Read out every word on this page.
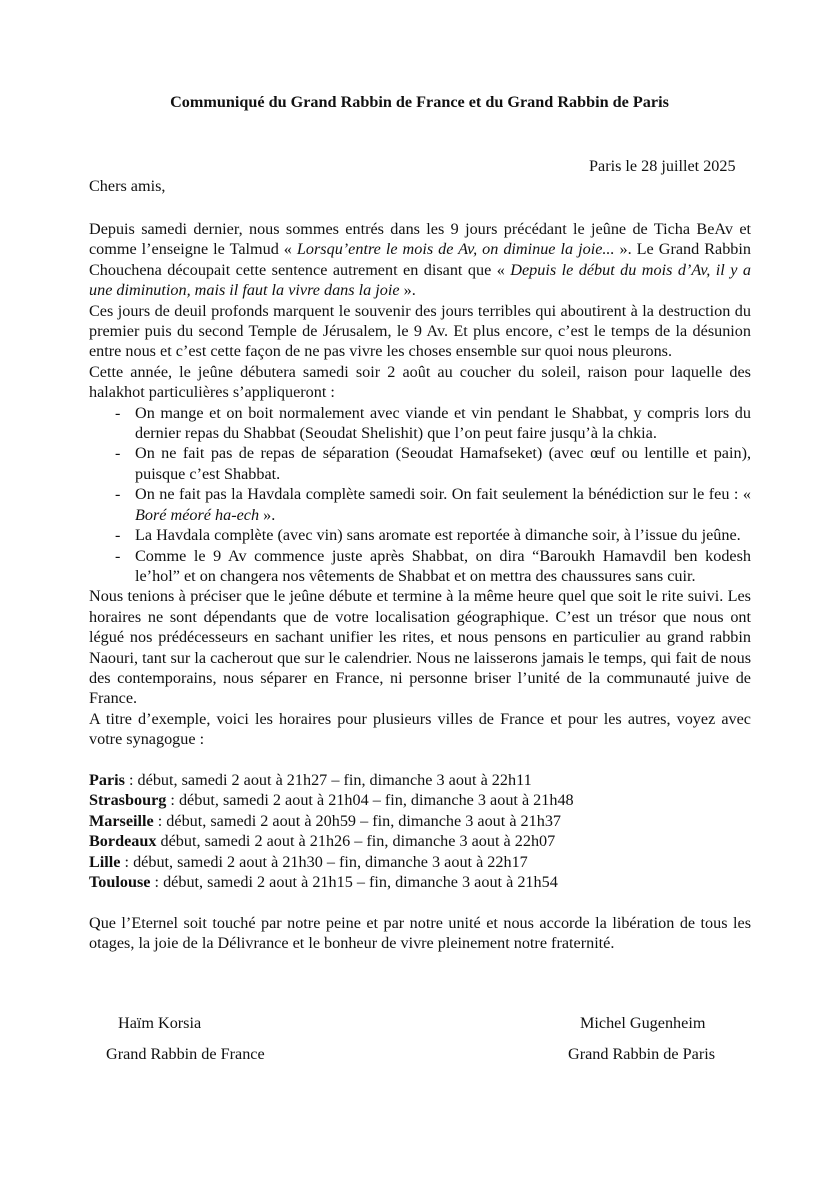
Communiqué du Grand Rabbin de France et du Grand Rabbin de Paris
Paris le 28 juillet 2025
Chers amis,

Depuis samedi dernier, nous sommes entrés dans les 9 jours précédant le jeûne de Ticha BeAv et comme l’enseigne le Talmud « Lorsqu’entre le mois de Av, on diminue la joie... ». Le Grand Rabbin Chouchena découpait cette sentence autrement en disant que « Depuis le début du mois d’Av, il y a une diminution, mais il faut la vivre dans la joie ».

Ces jours de deuil profonds marquent le souvenir des jours terribles qui aboutirent à la destruction du premier puis du second Temple de Jérusalem, le 9 Av. Et plus encore, c’est le temps de la désunion entre nous et c’est cette façon de ne pas vivre les choses ensemble sur quoi nous pleurons.

Cette année, le jeûne débutera samedi soir 2 août au coucher du soleil, raison pour laquelle des halakhot particulières s’appliqueront :

- On mange et on boit normalement avec viande et vin pendant le Shabbat, y compris lors du dernier repas du Shabbat (Seoudat Shelishit) que l’on peut faire jusqu’à la chkia.
- On ne fait pas de repas de séparation (Seoudat Hamafseket) (avec œuf ou lentille et pain), puisque c’est Shabbat.
- On ne fait pas la Havdala complète samedi soir. On fait seulement la bénédiction sur le feu : « Boré méoré ha-ech ».
- La Havdala complète (avec vin) sans aromate est reportée à dimanche soir, à l’issue du jeûne.
- Comme le 9 Av commence juste après Shabbat, on dira “Baroukh Hamavdil ben kodesh le’hol” et on changera nos vêtements de Shabbat et on mettra des chaussures sans cuir.

Nous tenions à préciser que le jeûne débute et termine à la même heure quel que soit le rite suivi. Les horaires ne sont dépendants que de votre localisation géographique. C’est un trésor que nous ont légué nos prédécesseurs en sachant unifier les rites, et nous pensons en particulier au grand rabbin Naouri, tant sur la cacherout que sur le calendrier. Nous ne laisserons jamais le temps, qui fait de nous des contemporains, nous séparer en France, ni personne briser l’unité de la communauté juive de France.

A titre d’exemple, voici les horaires pour plusieurs villes de France et pour les autres, voyez avec votre synagogue :

Paris : début, samedi 2 aout à 21h27 – fin, dimanche 3 aout à 22h11
Strasbourg : début, samedi 2 aout à 21h04 – fin, dimanche 3 aout à 21h48
Marseille : début, samedi 2 aout à 20h59 – fin, dimanche 3 aout à 21h37
Bordeaux début, samedi 2 aout à 21h26 – fin, dimanche 3 aout à 22h07
Lille : début, samedi 2 aout à 21h30 – fin, dimanche 3 aout à 22h17
Toulouse : début, samedi 2 aout à 21h15 – fin, dimanche 3 aout à 21h54

Que l’Eternel soit touché par notre peine et par notre unité et nous accorde la libération de tous les otages, la joie de la Délivrance et le bonheur de vivre pleinement notre fraternité.

Haïm Korsia
Grand Rabbin de France
Michel Gugenheim
Grand Rabbin de Paris
